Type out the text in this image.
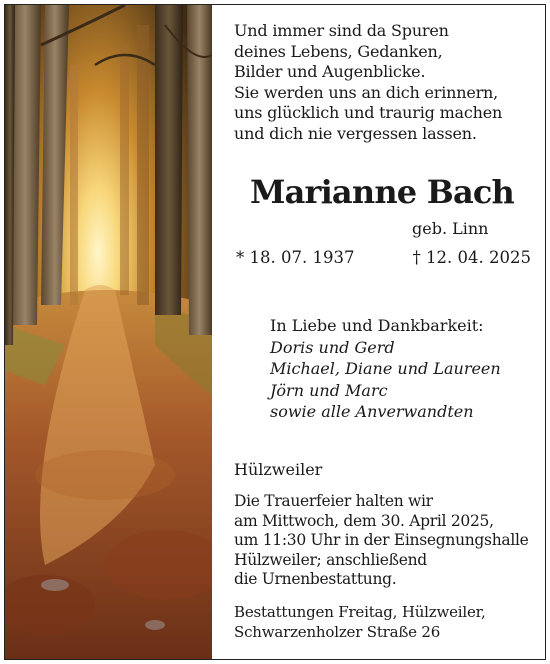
Und immer sind da Spuren
deines Lebens, Gedanken,
Bilder und Augenblicke.
Sie werden uns an dich erinnern,
uns glücklich und traurig machen
und dich nie vergessen lassen.
Marianne Bach
geb. Linn
* 18. 07. 1937	† 12. 04. 2025
In Liebe und Dankbarkeit:
Doris und Gerd
Michael, Diane und Laureen
Jörn und Marc
sowie alle Anverwandten
Hülzweiler
Die Trauerfeier halten wir
am Mittwoch, dem 30. April 2025,
um 11:30 Uhr in der Einsegnungshalle
Hülzweiler; anschließend
die Urnenbestattung.
Bestattungen Freitag, Hülzweiler,
Schwarzenholzer Straße 26
